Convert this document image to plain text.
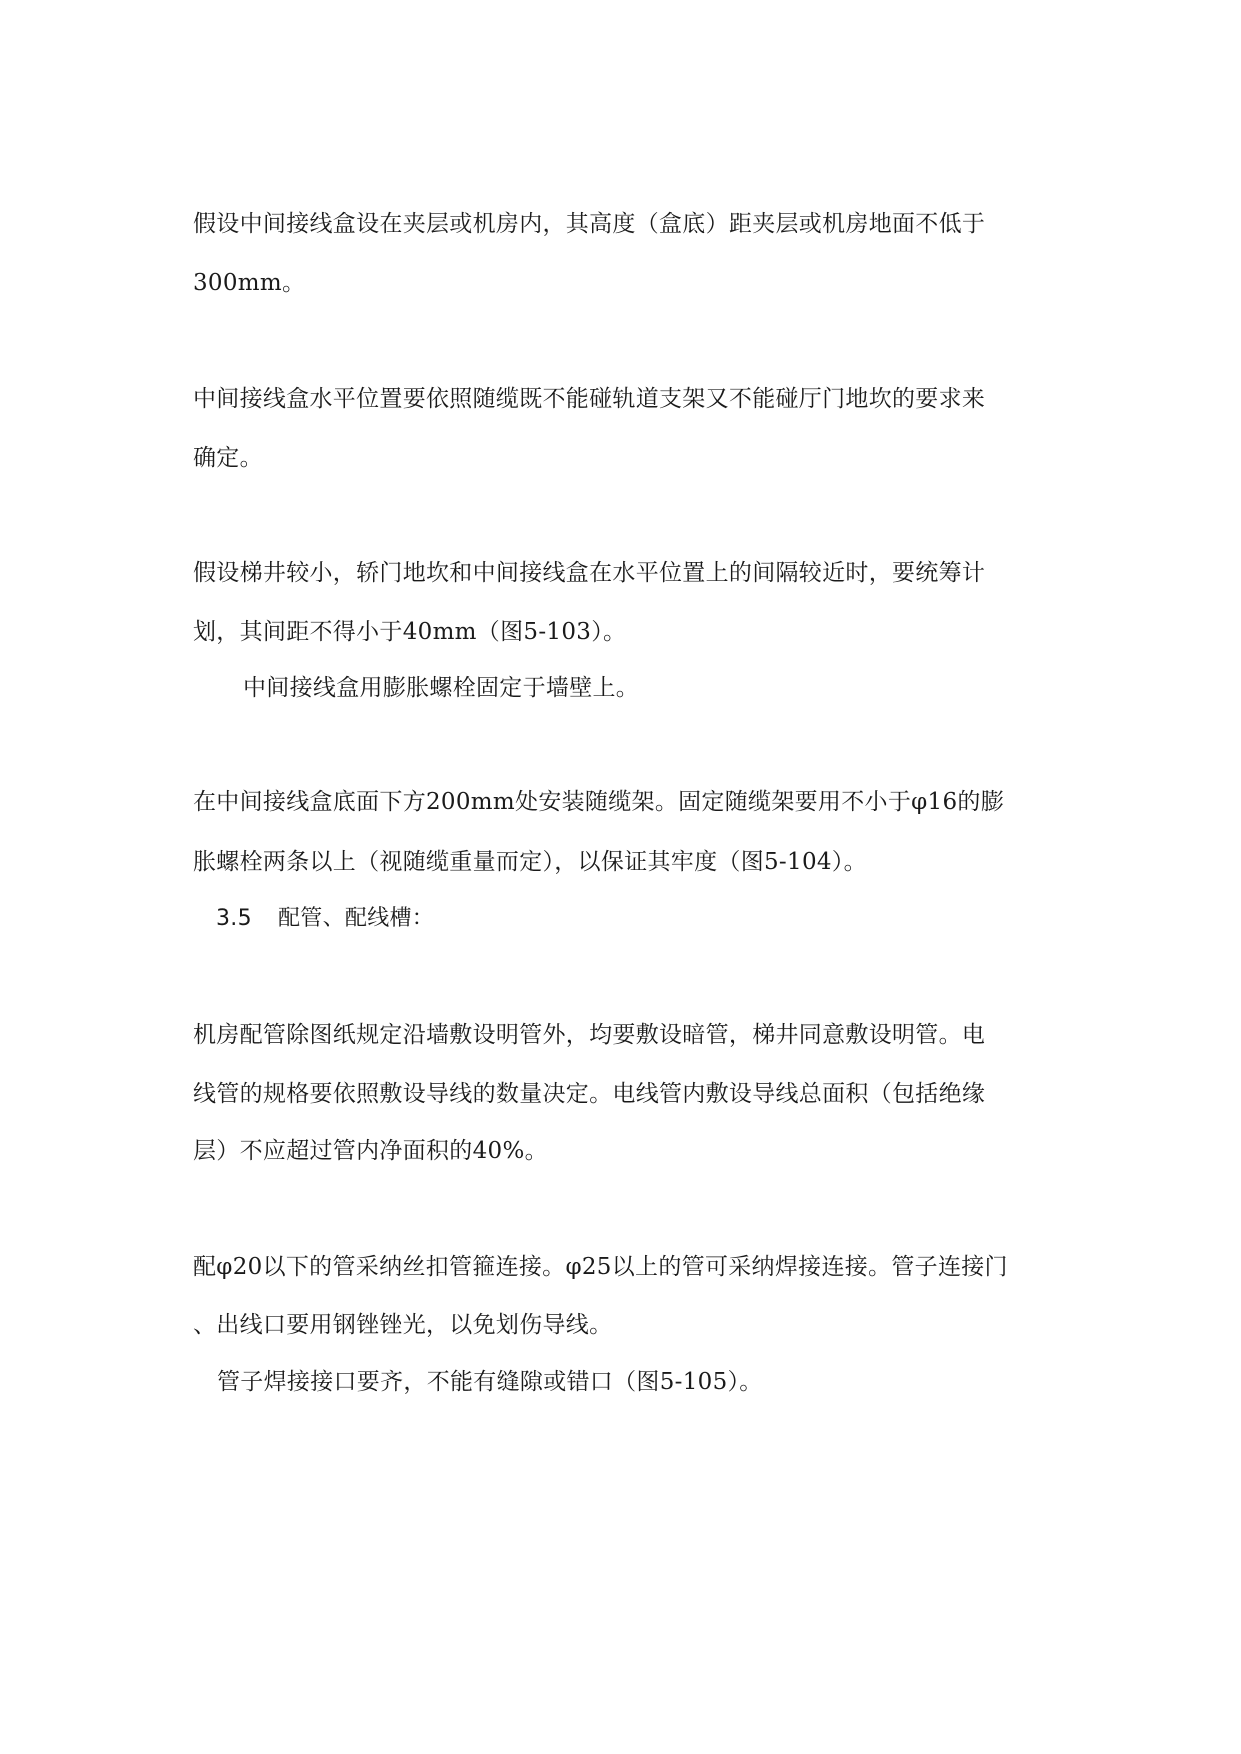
假设中间接线盒设在夹层或机房内，其高度（盒底）距夹层或机房地面不低于
300mm。
中间接线盒水平位置要依照随缆既不能碰轨道支架又不能碰厅门地坎的要求来
确定。
假设梯井较小，轿门地坎和中间接线盒在水平位置上的间隔较近时，要统筹计
划，其间距不得小于40mm（图5-103）。
中间接线盒用膨胀螺栓固定于墙壁上。
在中间接线盒底面下方200mm处安装随缆架。固定随缆架要用不小于φ16的膨
胀螺栓两条以上（视随缆重量而定），以保证其牢度（图5-104）。
3.5 配管、配线槽：
机房配管除图纸规定沿墙敷设明管外，均要敷设暗管，梯井同意敷设明管。电
线管的规格要依照敷设导线的数量决定。电线管内敷设导线总面积（包括绝缘
层）不应超过管内净面积的40%。
配φ20以下的管采纳丝扣管箍连接。φ25以上的管可采纳焊接连接。管子连接门
、出线口要用钢锉锉光，以免划伤导线。
管子焊接接口要齐，不能有缝隙或错口（图5-105）。
